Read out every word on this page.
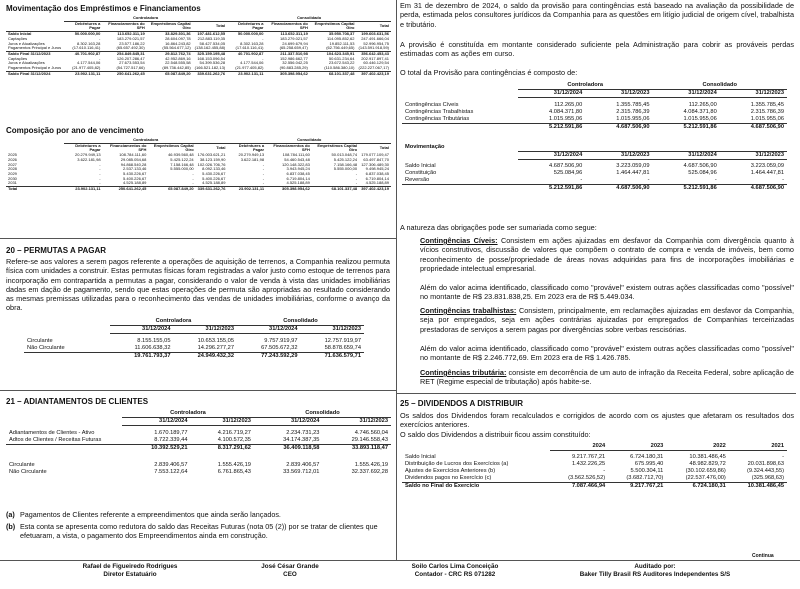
Movimentação dos Empréstimos e Financiamentos
	Controladora				Consolidado			
	Debêntures a Pagar	Financiamentos do SFH	Empréstimos Capital Giro	Total	Debêntures a Pagar	Financiamentos do SFH	Empréstimos Capital Giro	Total
Saldo Inicial	50.000.000,00	113.652.311,19	33.829.301,36	197.481.612,55	50.000.000,00	113.652.311,19	35.950.708,37	199.603.631,56
Captações	-	183.279.021,57	28.604.097,78	212.883.119,35	-	183.279.021,57	114.095.852,62	247.491.666,04
Juros e Atualizações	8.302.163,28	23.577.186,22	16.864.243,82	58.427.534,05	8.302.163,28	24.699.679,94	19.852.111,53	52.996.954,75
Pagamentos Principal e Juros	(17.610.116,41)	(65.657.492,30)	(55.564.677,12)	(138.162.455,88)	(17.610.116,41)	(65.258.659,47)	(62.756.449,65)	(143.591.918,59)
Saldo Final 31/12/2023	40.701.902,87	254.849.845,31	29.812.762,74	325.159.195,48	40.701.902,87	211.337.510,98	104.623.345,91	356.642.453,43
Captações	-	126.207.286,47	42.952.869,16	168.153.096,54	-	152.986.662,77	50.631.234,64	202.917.897,41
Juros e Atualizações	4.177.544,06	27.673.553,54	22.548.555,58	54.399.536,28	4.177.544,06	32.556.042,25	23.672.543,22	60.446.129,54
Pagamentos Principal e Juros	(21.977.405,82)	(54.727.517,66)	(89.736.442,85)	(166.521.182,13)	(21.977.405,82)	(90.883.285,29)	(110.586.380,10)	(222.227.067,17)
Saldo Final 31/12/2024	23.902.131,11	250.641.262,45	65.087.849,20	339.631.262,76	23.902.131,11	305.398.954,62	68.101.337,48	397.402.423,19
Composição por ano de vencimento
	Controladora				Consolidado			
	Debêntures a Pagar	Financiamentos do SFH	Empréstimos Capital Giro	Total	Debêntures a Pagar	Financiamentos do SFH	Empréstimos Capital Giro	Total
2025	20.279.949,13	108.784.111,60	46.939.560,48	176.003.621,21	20.279.949,13	108.784.111,60	50.013.048,74	179.077.109,47
2026	3.622.181,98	29.085.054,68	5.425.122,24	38.123.159,90	3.622.181,98	54.460.543,48	5.425.122,24	63.497.847,70
2027	-	94.868.540,28	7.158.166,48	102.026.706,76	-	120.148.322,83	7.158.166,48	127.306.489,30
2028	-	2.537.133,46	5.555.000,00	8.092.133,46	-	3.943.945,24	5.555.000,00	9.498.945,24
2029	-	5.430.226,67	-	5.430.226,67	-	6.837.038,45	-	6.837.038,45
2030	-	5.400.226,67	-	5.400.226,67	-	6.719.804,14	-	6.719.804,14
2031	-	4.525.188,89	-	4.525.188,89	-	4.525.188,89	-	4.525.188,89
Total	23.902.131,11	250.641.262,45	65.087.849,20	339.631.262,76	23.902.131,11	305.398.954,62	68.101.337,48	397.402.423,19
20 – PERMUTAS A PAGAR

Refere-se aos valores a serem pagos referente a operações de aquisição de terrenos, a Companhia realizou permuta física com unidades a construir. Estas permutas físicas foram registradas a valor justo como estoque de terrenos para incorporação em contrapartida a permutas a pagar, considerando o valor de venda à vista das unidades imobiliárias dadas em dação de pagamento, sendo que estas operações de permuta são apropriadas ao resultado considerando as mesmas premissas utilizadas para o reconhecimento das vendas de unidades imobiliárias, conforme o avanço da obra.

	Controladora		Consolidado	
	31/12/2024	31/12/2023	31/12/2024	31/12/2023

Circulante	8.155.155,05	10.653.155,05	9.757.919,97	12.757.919,97
Não Circulante	11.606.638,32	14.296.277,27	67.505.672,32	58.878.659,74
	19.761.793,37	24.949.432,32	77.243.592,29	71.636.579,71
21 – ADIANTAMENTOS DE CLIENTES
	Controladora		Consolidado	
	31/12/2024	31/12/2023	31/12/2024	31/12/2023

Adiantamentos de Clientes - Ativo	1.670.189,77	4.216.719,27	2.234.731,23	4.746.560,04
Adtos de Clientes / Receitas Futuras	8.722.339,44	4.100.572,35	34.174.387,35	29.146.558,43
	10.392.529,21	8.317.291,62	36.409.118,58	33.893.118,47

Circulante	2.839.406,57	1.555.426,19	2.839.406,57	1.555.426,19
Não Circulante	7.553.122,64	6.761.865,43	33.569.712,01	32.337.692,28
(a) Pagamentos de Clientes referente a empreendimentos que ainda serão lançados.
(b) Esta conta se apresenta como redutora do saldo das Receitas Futuras (nota 05 (2)) por se tratar de clientes que efetuaram, a vista, o pagamento dos Empreendimentos ainda em construção.

Em 31 de dezembro de 2024, o saldo da provisão para contingências está baseado na avaliação da possibilidade de perda, estimada pelos consultores jurídicos da Companhia para as questões em litígio judicial de origem cível, trabalhista e tributário.

A provisão é constituída em montante considerado suficiente pela Administração para cobrir as prováveis perdas estimadas com as ações em curso.

O total da Provisão para contingências é composto de:

	Controladora		Consolidado	
	31/12/2024	31/12/2023	31/12/2024	31/12/2023

Contingências Cíveis	112.265,00	1.355.785,45	112.265,00	1.355.785,45
Contingências Trabalhistas	4.084.371,80	2.315.786,39	4.084.371,80	2.315.786,39
Contingências Tributárias	1.015.955,06	1.015.955,06	1.015.955,06	1.015.955,06
	5.212.591,86	4.687.506,90	5.212.591,86	4.687.506,90
Movimentação				
	31/12/2024	31/12/2023	31/12/2024	31/12/2023

Saldo Inicial	4.687.506,90	3.223.059,09	4.687.506,90	3.223.059,09
Constituição	525.084,96	1.464.447,81	525.084,96	1.464.447,81
Reversão	-	-	-	-
	5.212.591,86	4.687.506,90	5.212.591,86	4.687.506,90

A natureza das obrigações pode ser sumariada como segue:

Contingências Cíveis: Consistem em ações ajuizadas em desfavor da Companhia com divergência quanto à vícios construtivos, discussão de valores que compõem o contrato de compra e venda de imóveis, bem como reconhecimento de posse/propriedade de áreas novas adquiridas para fins de incorporações imobiliárias e propriedade intelectual empresarial.

Além do valor acima identificado, classificado como "provável" existem outras ações classificadas como "possível" no montante de R$ 23.831.838,25. Em 2023 era de R$ 5.449.034.

Contingências trabalhistas: Consistem, principalmente, em reclamações ajuizadas em desfavor da Companhia, seja por empregados, seja em ações contrárias ajuizadas por empregados de Companhias terceirizadas prestadoras de serviços a serem pagas por divergências sobre verbas rescisórias.

Além do valor acima identificado, classificado como "provável" existem outras ações classificadas como "possível" no montante de R$ 2.246.772,69. Em 2023 era de R$ 1.426.785.

Contingências tributária: consiste em decorrência de um auto de infração da Receita Federal, sobre aplicação de RET (Regime especial de tributação) após habite-se.

25 – DIVIDENDOS A DISTRIBUIR

Os saldos dos Dividendos foram recalculados e corrigidos de acordo com os ajustes que afetaram os resultados dos exercícios anteriores.

O saldo dos Dividendos a distribuir ficou assim constituído:

	2024	2023	2022	2021

Saldo Inicial	9.217.767,21	6.724.180,31	10.381.486,45	-
Distribuição de Lucros dos Exercícios (a)	1.432.226,25	675.995,40	48.982.829,72	20.031.898,63
Ajustes de Exercícios Anteriores (b)	-	5.500.304,11	(30.102.659,86)	(9.324.443,55)
Dividendos pagos no Exercício (c)	(3.562.526,52)	(3.682.712,70)	(22.537.476,00)	(325.968,63)
Saldo no Final do Exercício	7.087.466,94	9.217.767,21	6.724.180,31	10.381.486,45
Continua
Rafael de Figueiredo Rodrigues
Diretor Estatuário
José César Grande
CEO
Soilo Carlos Lima Conceição
Contador - CRC RS 071282
Auditado por:
Baker Tilly Brasil RS Auditores Independentes S/S
